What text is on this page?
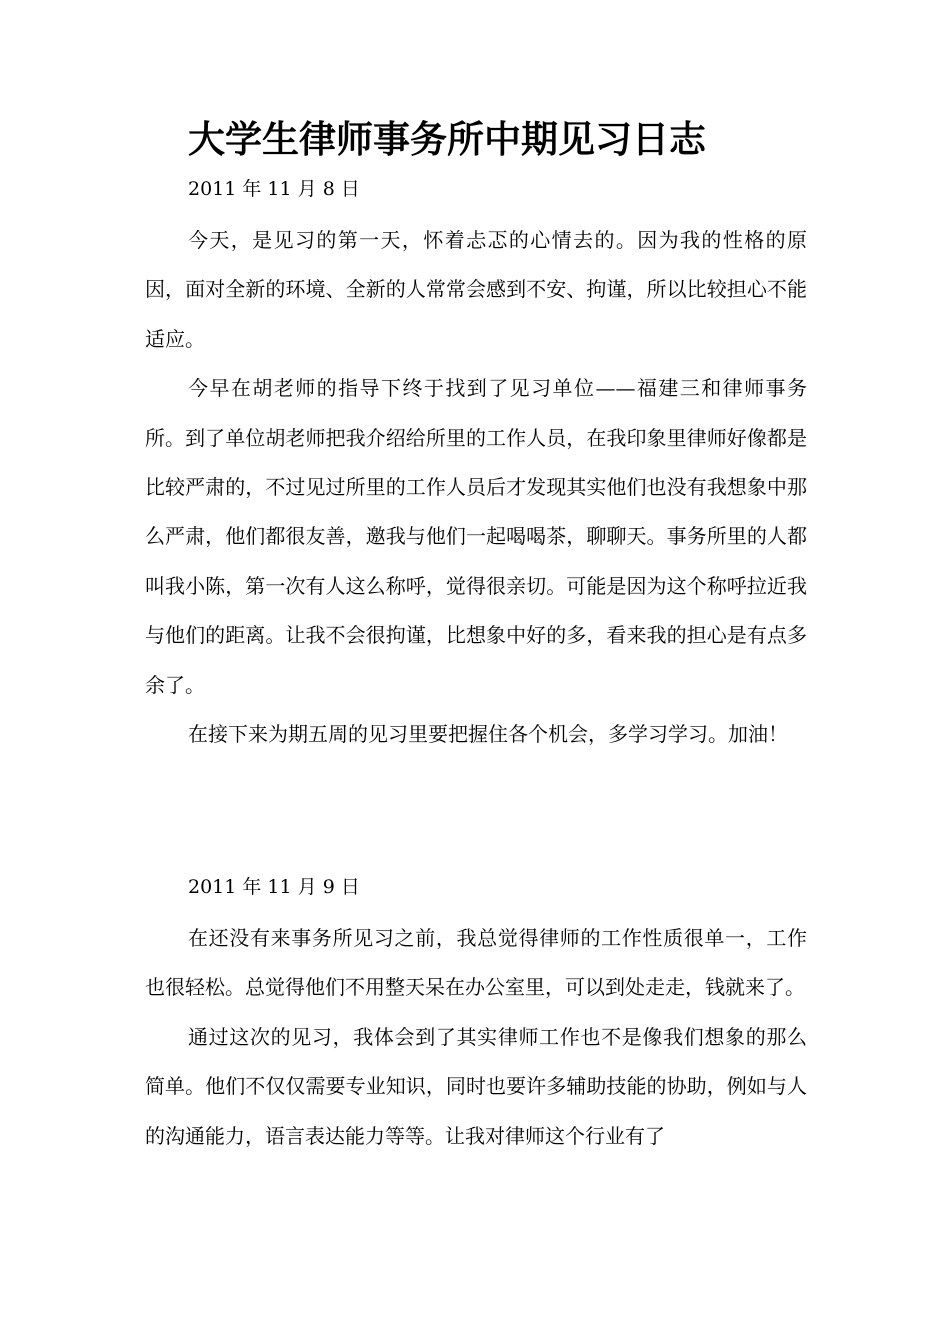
大学生律师事务所中期见习日志
2011 年 11 月 8 日

今天，是见习的第一天，怀着忐忑的心情去的。因为我的性格的原因，面对全新的环境、全新的人常常会感到不安、拘谨，所以比较担心不能适应。

今早在胡老师的指导下终于找到了见习单位——福建三和律师事务所。到了单位胡老师把我介绍给所里的工作人员，在我印象里律师好像都是比较严肃的，不过见过所里的工作人员后才发现其实他们也没有我想象中那么严肃，他们都很友善，邀我与他们一起喝喝茶，聊聊天。事务所里的人都叫我小陈，第一次有人这么称呼，觉得很亲切。可能是因为这个称呼拉近我与他们的距离。让我不会很拘谨，比想象中好的多，看来我的担心是有点多余了。

在接下来为期五周的见习里要把握住各个机会，多学习学习。加油！

2011 年 11 月 9 日

在还没有来事务所见习之前，我总觉得律师的工作性质很单一，工作也很轻松。总觉得他们不用整天呆在办公室里，可以到处走走，钱就来了。

通过这次的见习，我体会到了其实律师工作也不是像我们想象的那么简单。他们不仅仅需要专业知识，同时也要许多辅助技能的协助，例如与人的沟通能力，语言表达能力等等。让我对律师这个行业有了
